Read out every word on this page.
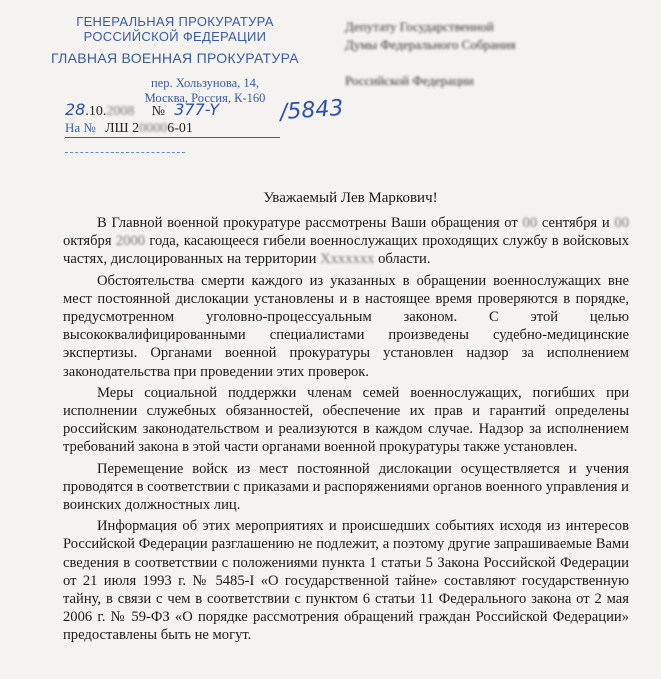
ГЕНЕРАЛЬНАЯ ПРОКУРАТУРА
РОССИЙСКОЙ ФЕДЕРАЦИИ
ГЛАВНАЯ ВОЕННАЯ ПРОКУРАТУРА
пер. Хользунова, 14,
Москва, Россия, К-160
28.10.2008 № 377-Y
На № ЛШ 200006-01
/5843
Депутату Государственной
Думы Федерального Собрания
Российской Федерации
Уважаемый Лев Маркович!

В Главной военной прокуратуре рассмотрены Ваши обращения от 00 сентября и 00 октября 2000 года, касающееся гибели военнослужащих проходящих службу в войсковых частях, дислоцированных на территории Ххххххх области.

Обстоятельства смерти каждого из указанных в обращении военнослужащих вне мест постоянной дислокации установлены и в настоящее время проверяются в порядке, предусмотренном уголовно-процессуальным законом. С этой целью высококвалифицированными специалистами произведены судебно-медицинские экспертизы. Органами военной прокуратуры установлен надзор за исполнением законодательства при проведении этих проверок.

Меры социальной поддержки членам семей военнослужащих, погибших при исполнении служебных обязанностей, обеспечение их прав и гарантий определены российским законодательством и реализуются в каждом случае. Надзор за исполнением требований закона в этой части органами военной прокуратуры также установлен.

Перемещение войск из мест постоянной дислокации осуществляется и учения проводятся в соответствии с приказами и распоряжениями органов военного управления и воинских должностных лиц.

Информация об этих мероприятиях и происшедших событиях исходя из интересов Российской Федерации разглашению не подлежит, а поэтому другие запрашиваемые Вами сведения в соответствии с положениями пункта 1 статьи 5 Закона Российской Федерации от 21 июля 1993 г. № 5485-I «О государственной тайне» составляют государственную тайну, в связи с чем в соответствии с пунктом 6 статьи 11 Федерального закона от 2 мая 2006 г. № 59-ФЗ «О порядке рассмотрения обращений граждан Российской Федерации» предоставлены быть не могут.
